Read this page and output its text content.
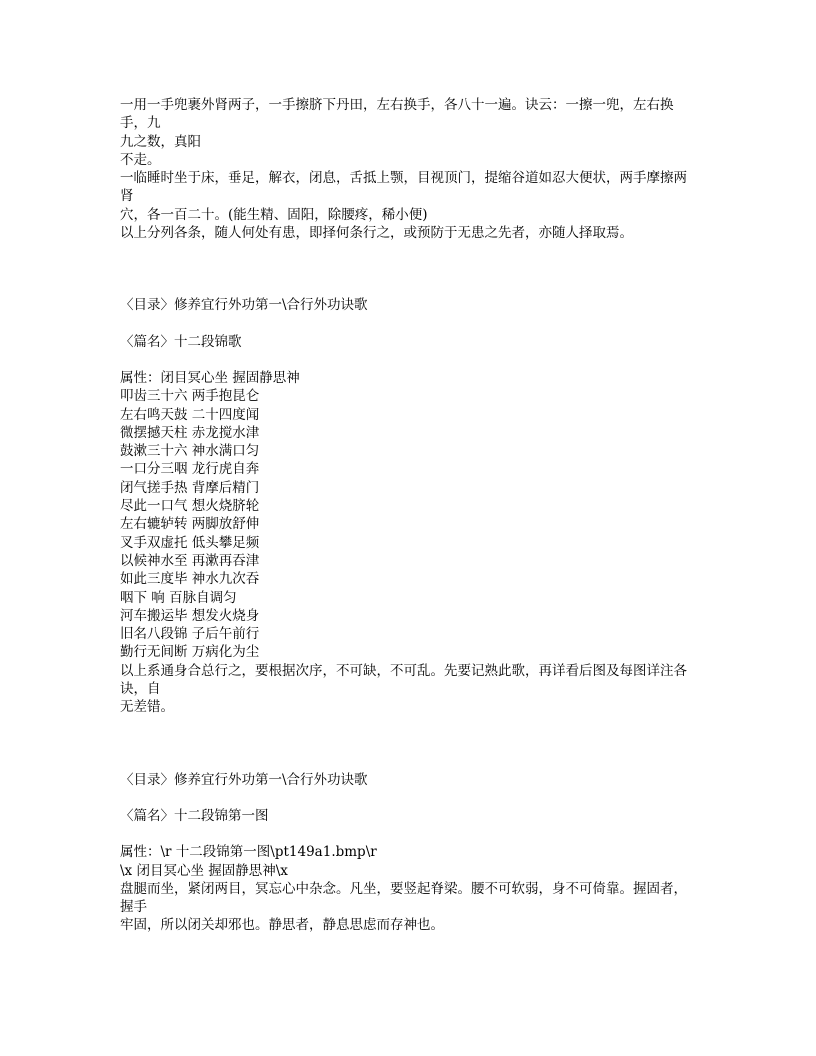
一用一手兜裹外肾两子，一手擦脐下丹田，左右换手，各八十一遍。诀云：一擦一兜，左右换手，九
九之数，真阳
不走。
一临睡时坐于床，垂足，解衣，闭息，舌抵上颚，目视顶门，提缩谷道如忍大便状，两手摩擦两肾
穴，各一百二十。(能生精、固阳，除腰疼，稀小便)
以上分列各条，随人何处有患，即择何条行之，或预防于无患之先者，亦随人择取焉。
〈目录〉修养宜行外功第一\合行外功诀歌
〈篇名〉十二段锦歌
属性：闭目冥心坐 握固静思神
叩齿三十六 两手抱昆仑
左右鸣天鼓 二十四度闻
微摆撼天柱 赤龙搅水津
鼓漱三十六 神水满口匀
一口分三咽 龙行虎自奔
闭气搓手热 背摩后精门
尽此一口气 想火烧脐轮
左右辘轳转 两脚放舒伸
叉手双虚托 低头攀足频
以候神水至 再漱再吞津
如此三度毕 神水九次吞
咽下 响 百脉自调匀
河车搬运毕 想发火烧身
旧名八段锦 子后午前行
勤行无间断 万病化为尘
以上系通身合总行之，要根据次序，不可缺，不可乱。先要记熟此歌，再详看后图及每图详注各诀，自
无差错。
〈目录〉修养宜行外功第一\合行外功诀歌
〈篇名〉十二段锦第一图
属性：\r 十二段锦第一图\pt149a1.bmp\r
\x 闭目冥心坐 握固静思神\x
盘腿而坐，紧闭两目，冥忘心中杂念。凡坐，要竖起脊梁。腰不可软弱，身不可倚靠。握固者，握手
牢固，所以闭关却邪也。静思者，静息思虑而存神也。
